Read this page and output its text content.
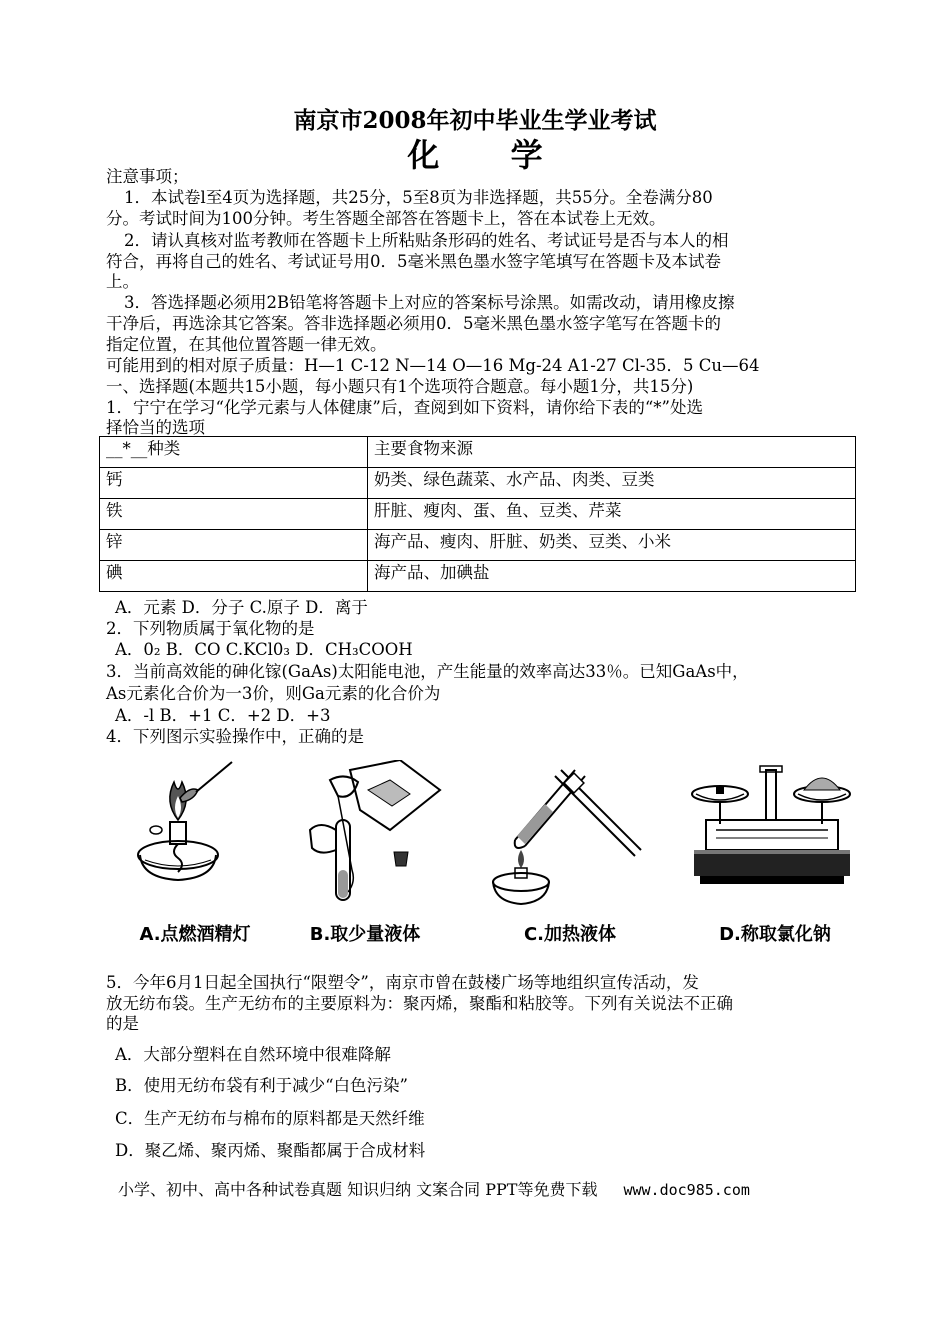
南京市2008年初中毕业生学业考试
化 学
注意事项；
1．本试卷l至4页为选择题，共25分，5至8页为非选择题，共55分。全卷满分80
分。考试时间为100分钟。考生答题全部答在答题卡上，答在本试卷上无效。
2．请认真核对监考教师在答题卡上所粘贴条形码的姓名、考试证号是否与本人的相
符合，再将自己的姓名、考试证号用0．5毫米黑色墨水签字笔填写在答题卡及本试卷
上。
3．答选择题必须用2B铅笔将答题卡上对应的答案标号涂黑。如需改动，请用橡皮擦
干净后，再选涂其它答案。答非选择题必须用0．5毫米黑色墨水签字笔写在答题卡的
指定位置，在其他位置答题一律无效。
可能用到的相对原子质量：H—1 C-12 N—14 O—16 Mg-24 A1-27 Cl-35．5 Cu—64
一、选择题(本题共15小题，每小题只有1个选项符合题意。每小题1分，共15分)
1．宁宁在学习“化学元素与人体健康”后，查阅到如下资料，请你给下表的“*”处选
择恰当的选项
__*__种类	主要食物来源
钙	奶类、绿色蔬菜、水产品、肉类、豆类
铁	肝脏、瘦肉、蛋、鱼、豆类、芹菜
锌	海产品、瘦肉、肝脏、奶类、豆类、小米
碘	海产品、加碘盐
A．元素 D．分子 C.原子 D．离于
2．下列物质属于氧化物的是
A．0₂ B．CO C.KCl0₃ D．CH₃COOH
3．当前高效能的砷化镓(GaAs)太阳能电池，产生能量的效率高达33％。已知GaAs中，
As元素化合价为一3价，则Ga元素的化合价为
A．-l B．+1 C．+2 D．+3
4．下列图示实验操作中，正确的是
A.点燃酒精灯	B.取少量液体	C.加热液体	D.称取氯化钠
5．今年6月1日起全国执行“限塑令”，南京市曾在鼓楼广场等地组织宣传活动，发
放无纺布袋。生产无纺布的主要原料为：聚丙烯，聚酯和粘胶等。下列有关说法不正确
的是
A．大部分塑料在自然环境中很难降解
B．使用无纺布袋有利于减少“白色污染”
C．生产无纺布与棉布的原料都是天然纤维
D．聚乙烯、聚丙烯、聚酯都属于合成材料
小学、初中、高中各种试卷真题 知识归纳 文案合同 PPT等免费下载 www.doc985.com
